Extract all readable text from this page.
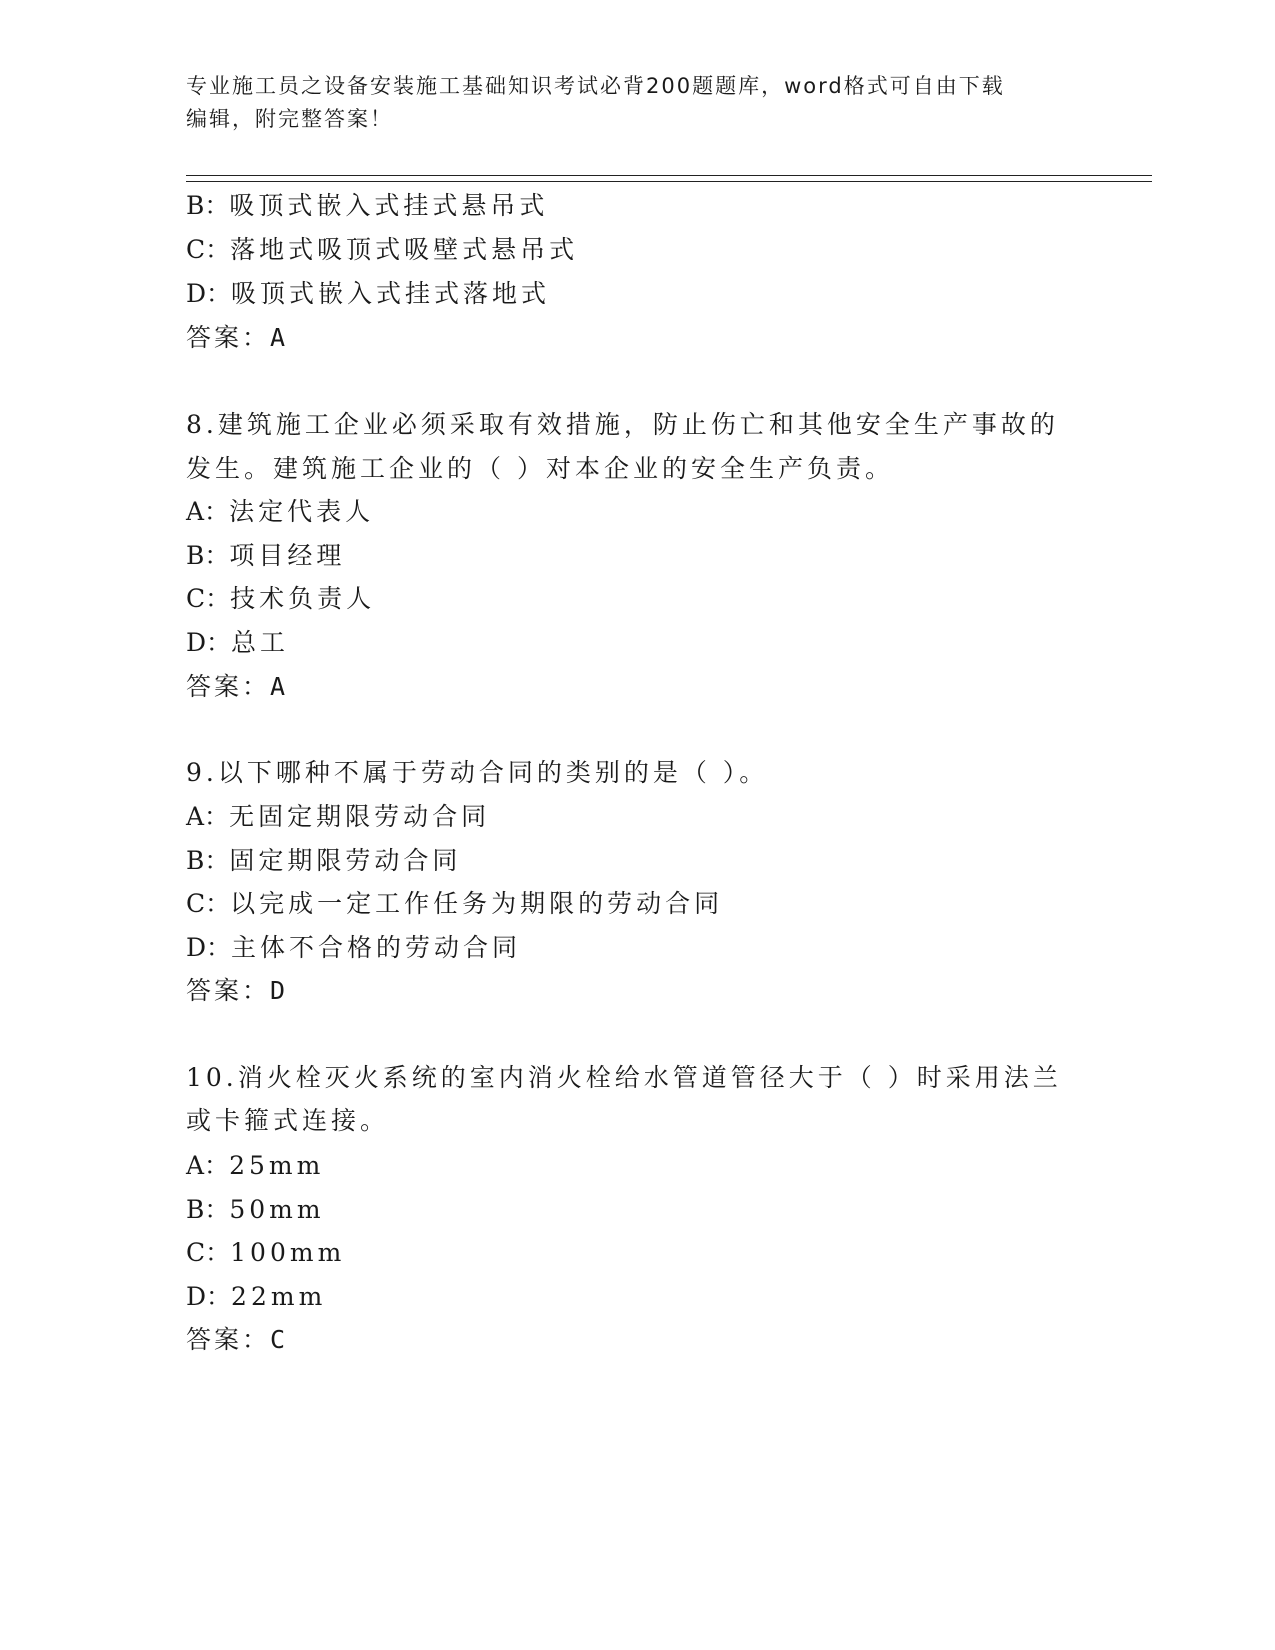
专业施工员之设备安装施工基础知识考试必背200题题库，word格式可自由下载
编辑，附完整答案！
B：吸顶式嵌入式挂式悬吊式
C：落地式吸顶式吸壁式悬吊式
D：吸顶式嵌入式挂式落地式
答案：A
8.建筑施工企业必须采取有效措施，防止伤亡和其他安全生产事故的
发生。建筑施工企业的（ ）对本企业的安全生产负责。
A：法定代表人
B：项目经理
C：技术负责人
D：总工
答案：A
9.以下哪种不属于劳动合同的类别的是（ ）。
A：无固定期限劳动合同
B：固定期限劳动合同
C：以完成一定工作任务为期限的劳动合同
D：主体不合格的劳动合同
答案：D
10.消火栓灭火系统的室内消火栓给水管道管径大于（ ）时采用法兰
或卡箍式连接。
A：25mm
B：50mm
C：100mm
D：22mm
答案：C
